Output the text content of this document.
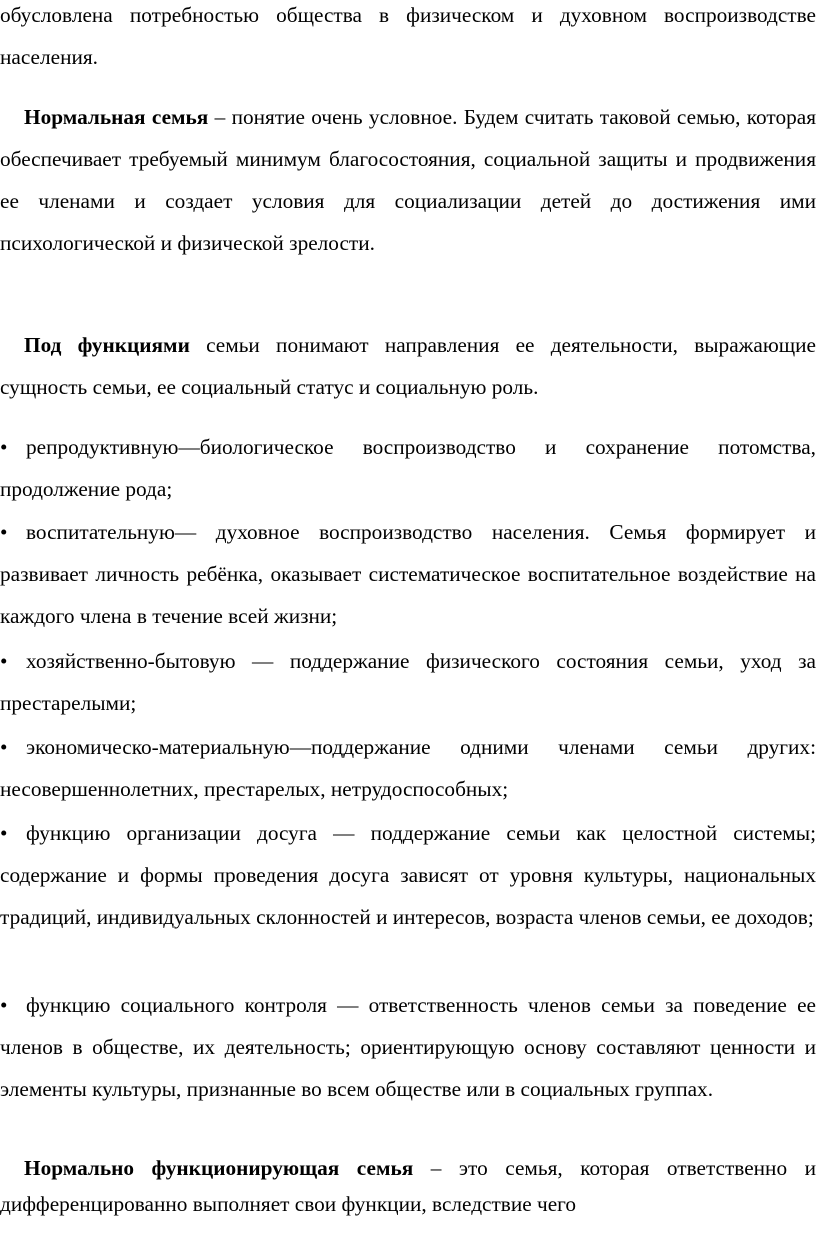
обусловлена потребностью общества в физическом и духовном воспроизводстве населения.

Нормальная семья – понятие очень условное. Будем считать таковой семью, которая обеспечивает требуемый минимум благосостояния, социальной защиты и продвижения ее членами и создает условия для социализации детей до достижения ими психологической и физической зрелости.

Под функциями семьи понимают направления ее деятельности, выражающие сущность семьи, ее социальный статус и социальную роль.

• репродуктивную—биологическое воспроизводство и сохранение потомства, продолжение рода;

• воспитательную— духовное воспроизводство населения. Семья формирует и развивает личность ребёнка, оказывает систематическое воспитательное воздействие на каждого члена в течение всей жизни;

• хозяйственно-бытовую — поддержание физического состояния семьи, уход за престарелыми;

• экономическо-материальную—поддержание одними членами семьи других: несовершеннолетних, престарелых, нетрудоспособных;

• функцию организации досуга — поддержание семьи как целостной системы; содержание и формы проведения досуга зависят от уровня культуры, национальных традиций, индивидуальных склонностей и интересов, возраста членов семьи, ее доходов;

• функцию социального контроля — ответственность членов семьи за поведение ее членов в обществе, их деятельность; ориентирующую основу составляют ценности и элементы культуры, признанные во всем обществе или в социальных группах.

Нормально функционирующая семья – это семья, которая ответственно и дифференцированно выполняет свои функции, вследствие чего
